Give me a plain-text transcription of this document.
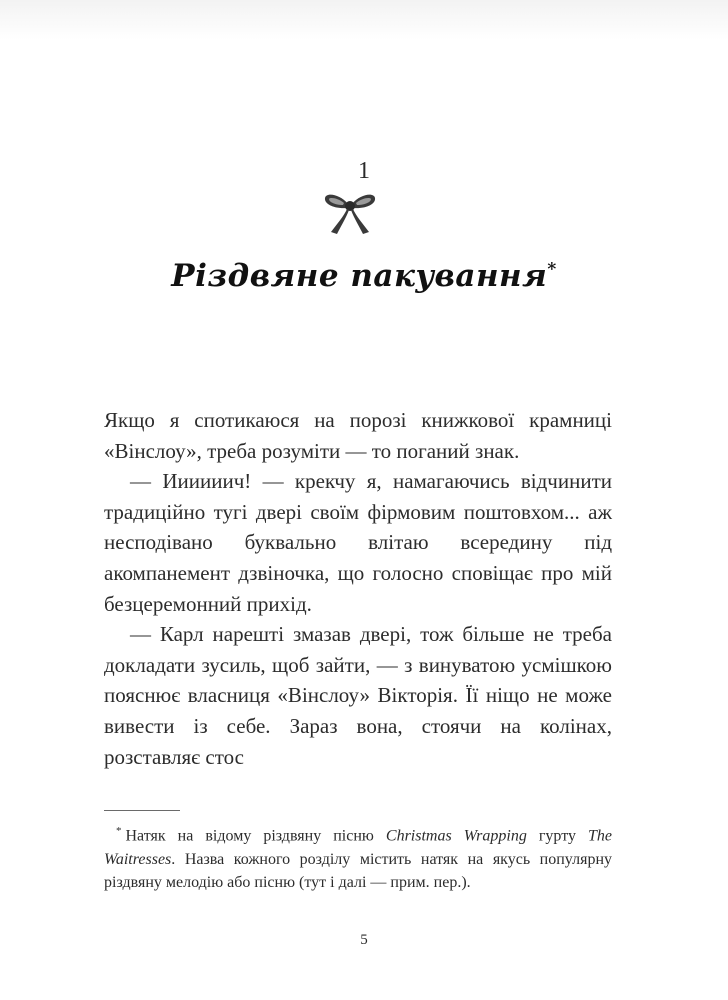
1
Різдвяне пакування*

Якщо я спотикаюся на порозі книжкової крамниці «Вінслоу», треба розуміти — то поганий знак.

— Иииииич! — крекчу я, намагаючись відчинити традиційно тугі двері своїм фірмовим поштовхом... аж несподівано буквально влітаю всередину під акомпанемент дзвіночка, що голосно сповіщає про мій безцеремонний прихід.

— Карл нарешті змазав двері, тож більше не треба докладати зусиль, щоб зайти, — з винуватою усмішкою пояснює власниця «Вінслоу» Вікторія. Її ніщо не може вивести із себе. Зараз вона, стоячи на колінах, розставляє стос

* Натяк на відому різдвяну пісню Christmas Wrapping гурту The Waitresses. Назва кожного розділу містить натяк на якусь популярну різдвяну мелодію або пісню (тут і далі — прим. пер.).
5
